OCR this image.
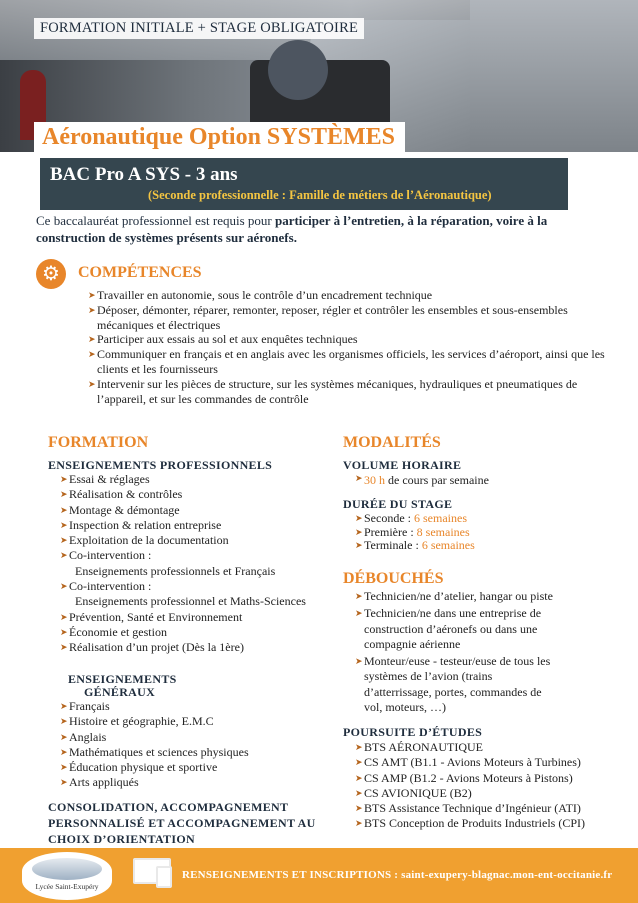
FORMATION INITIALE + STAGE OBLIGATOIRE
Aéronautique Option SYSTÈMES
BAC Pro A SYS - 3 ans
(Seconde professionnelle : Famille de métiers de l’Aéronautique)
Ce baccalauréat professionnel est requis pour participer à l’entretien, à la réparation, voire à la construction de systèmes présents sur aéronefs.
⚙	COMPÉTENCES
➤ Travailler en autonomie, sous le contrôle d’un encadrement technique
➤ Déposer, démonter, réparer, remonter, reposer, régler et contrôler les ensembles et sous-ensembles mécaniques et électriques
➤ Participer aux essais au sol et aux enquêtes techniques
➤ Communiquer en français et en anglais avec les organismes officiels, les services d’aéroport, ainsi que les
clients et les fournisseurs
➤ Intervenir sur les pièces de structure, sur les systèmes mécaniques, hydrauliques et pneumatiques de l’appareil, et sur les commandes de contrôle
FORMATION
ENSEIGNEMENTS PROFESSIONNELS
➤ Essai & réglages
➤ Réalisation & contrôles
➤ Montage & démontage
➤ Inspection & relation entreprise
➤ Exploitation de la documentation
➤ Co-intervention :
Enseignements professionnels et Français
➤ Co-intervention :
Enseignements professionnel et Maths-Sciences
➤ Prévention, Santé et Environnement
➤ Économie et gestion
➤ Réalisation d’un projet (Dès la 1ère)
ENSEIGNEMENTS
GÉNÉRAUX
➤ Français
➤ Histoire et géographie, E.M.C
➤ Anglais
➤ Mathématiques et sciences physiques
➤ Éducation physique et sportive
➤ Arts appliqués
CONSOLIDATION, ACCOMPAGNEMENT
PERSONNALISÉ ET ACCOMPAGNEMENT AU
CHOIX D’ORIENTATION
MODALITÉS
VOLUME HORAIRE
➤ 30 h de cours par semaine
DURÉE DU STAGE
➤ Seconde : 6 semaines
➤ Première : 8 semaines
➤ Terminale : 6 semaines
DÉBOUCHÉS
➤ Technicien/ne d’atelier, hangar ou piste
➤ Technicien/ne dans une entreprise de construction d’aéronefs ou dans une compagnie aérienne
➤ Monteur/euse - testeur/euse de tous les systèmes de l’avion (trains d’atterrissage, portes, commandes de vol, moteurs, …)
POURSUITE D’ÉTUDES
➤ BTS AÉRONAUTIQUE
➤ CS AMT (B1.1 - Avions Moteurs à Turbines)
➤ CS AMP (B1.2 - Avions Moteurs à Pistons)
➤ CS AVIONIQUE (B2)
➤ BTS Assistance Technique d’Ingénieur (ATI)
➤ BTS Conception de Produits Industriels (CPI)
Lycée Saint-Exupéry
RENSEIGNEMENTS ET INSCRIPTIONS : saint-exupery-blagnac.mon-ent-occitanie.fr
